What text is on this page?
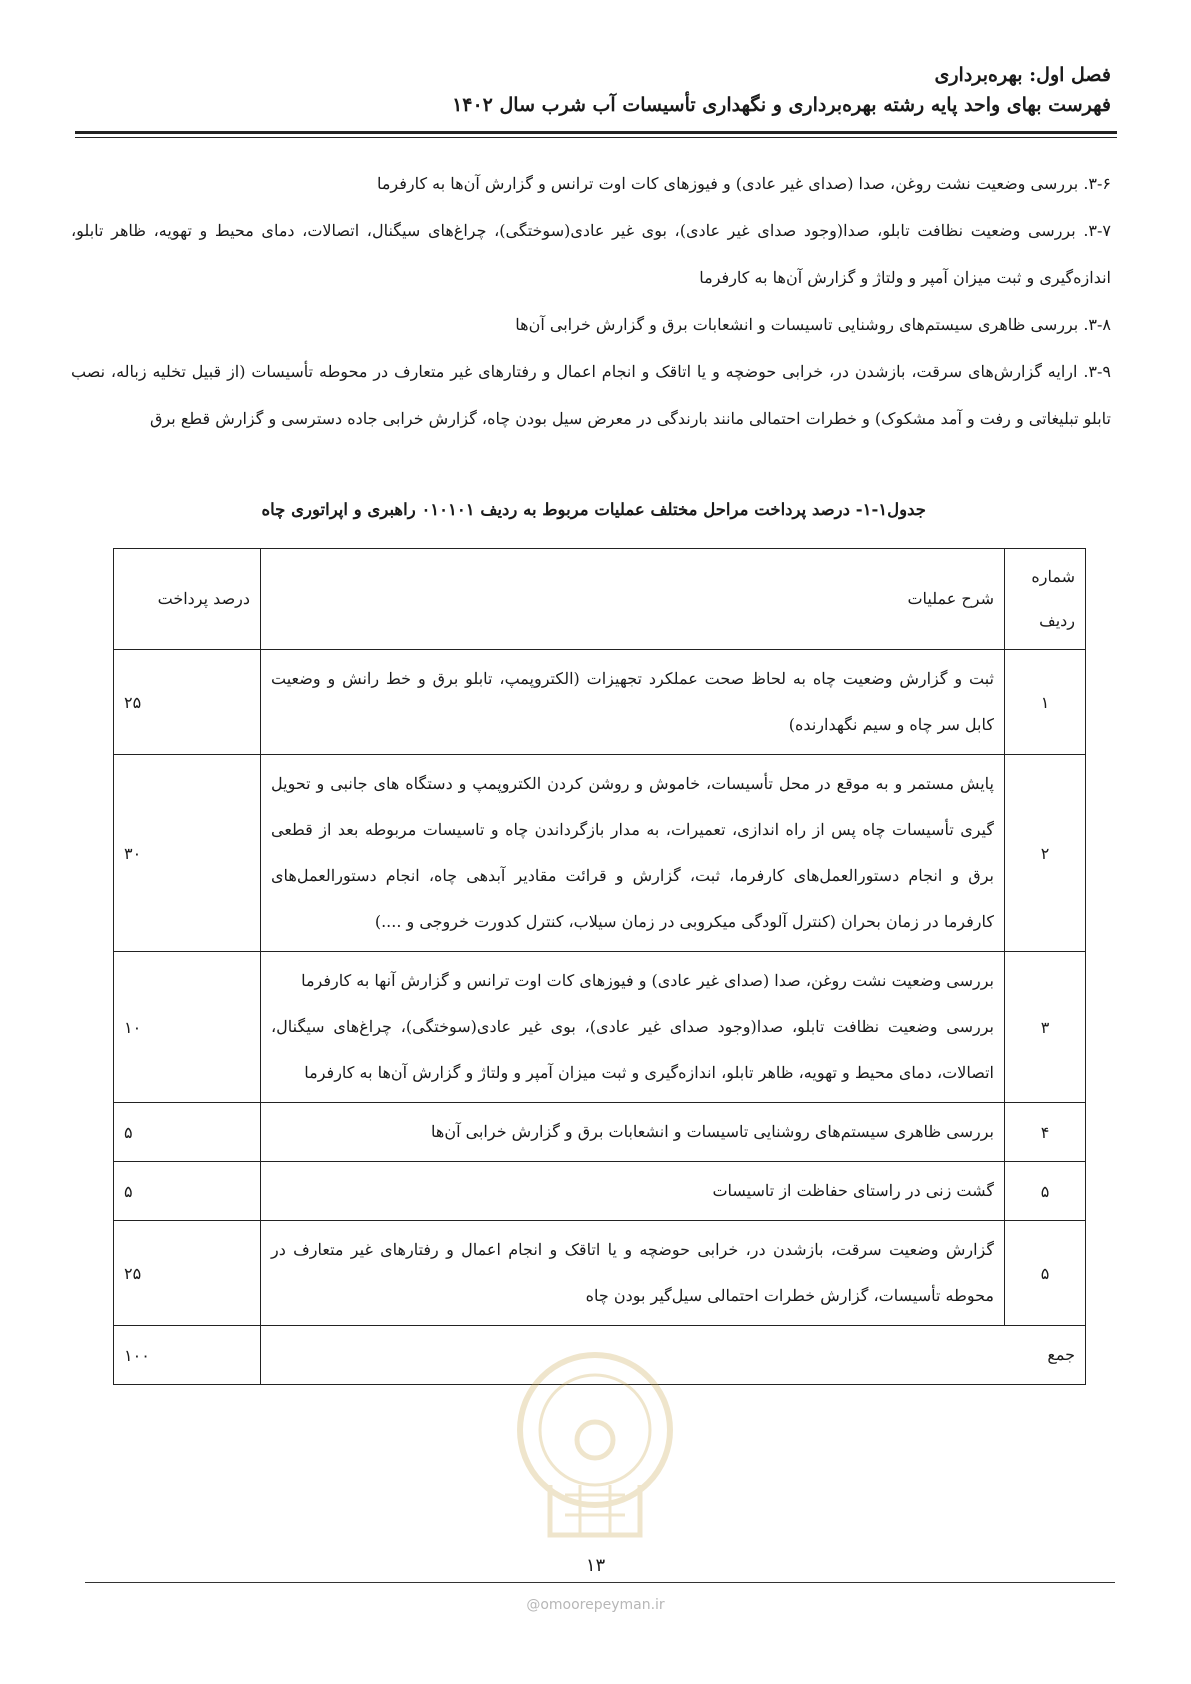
فصل اول: بهره‌برداری
فهرست بهای واحد پایه رشته بهره‌برداری و نگهداری تأسیسات آب شرب سال ۱۴۰۲

۳-۶. بررسی وضعیت نشت روغن، صدا (صدای غیر عادی) و فیوزهای کات اوت ترانس و گزارش آن‌ها به کارفرما

۳-۷. بررسی وضعیت نظافت تابلو، صدا(وجود صدای غیر عادی)، بوی غیر عادی(سوختگی)، چراغ‌های سیگنال، اتصالات، دمای محیط و تهویه، ظاهر تابلو، اندازه‌گیری و ثبت میزان آمپر و ولتاژ و گزارش آن‌ها به کارفرما

۳-۸. بررسی ظاهری سیستم‌های روشنایی تاسیسات و انشعابات برق و گزارش خرابی آن‌ها

۳-۹. ارایه گزارش‌های سرقت، بازشدن در، خرابی حوضچه و یا اتاقک و انجام اعمال و رفتارهای غیر متعارف در محوطه تأسیسات (از قبیل تخلیه زباله، نصب تابلو تبلیغاتی و رفت و آمد مشکوک) و خطرات احتمالی مانند بارندگی در معرض سیل بودن چاه، گزارش خرابی جاده دسترسی و گزارش قطع برق

جدول۱-۱- درصد پرداخت مراحل مختلف عملیات مربوط به ردیف ۰۱۰۱۰۱ راهبری و اپراتوری چاه
شماره ردیف	شرح عملیات	درصد پرداخت
۱	ثبت و گزارش وضعیت چاه به لحاظ صحت عملکرد تجهیزات (الکتروپمپ، تابلو برق و خط رانش و وضعیت کابل سر چاه و سیم نگهدارنده)	۲۵
۲	پایش مستمر و به موقع در محل تأسیسات، خاموش و روشن کردن الکتروپمپ و دستگاه های جانبی و تحویل گیری تأسیسات چاه پس از راه اندازی، تعمیرات، به مدار بازگرداندن چاه و تاسیسات مربوطه بعد از قطعی برق و انجام دستورالعمل‌های کارفرما، ثبت، گزارش و قرائت مقادیر آبدهی چاه، انجام دستورالعمل‌های کارفرما در زمان بحران (کنترل آلودگی میکروبی در زمان سیلاب، کنترل کدورت خروجی و ....)	۳۰
۳	بررسی وضعیت نشت روغن، صدا (صدای غیر عادی) و فیوزهای کات اوت ترانس و گزارش آنها به کارفرما
بررسی وضعیت نظافت تابلو، صدا(وجود صدای غیر عادی)، بوی غیر عادی(سوختگی)، چراغ‌های سیگنال، اتصالات، دمای محیط و تهویه، ظاهر تابلو، اندازه‌گیری و ثبت میزان آمپر و ولتاژ و گزارش آن‌ها به کارفرما	۱۰
۴	بررسی ظاهری سیستم‌های روشنایی تاسیسات و انشعابات برق و گزارش خرابی آن‌ها	۵
۵	گشت زنی در راستای حفاظت از تاسیسات	۵
۵	گزارش وضعیت سرقت، بازشدن در، خرابی حوضچه و یا اتاقک و انجام اعمال و رفتارهای غیر متعارف در محوطه تأسیسات، گزارش خطرات احتمالی سیل‌گیر بودن چاه	۲۵
جمع		۱۰۰
۱۳
@omoorepeyman.ir
